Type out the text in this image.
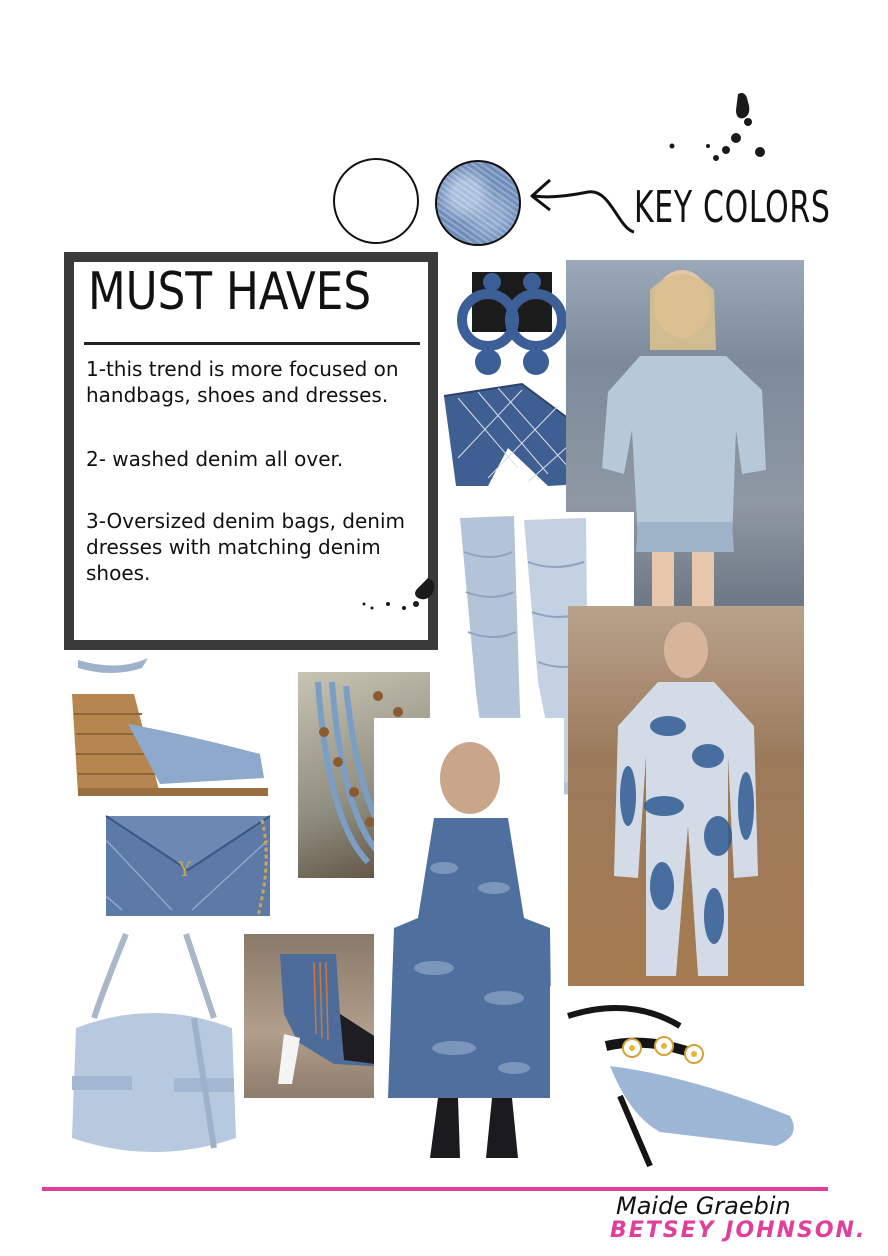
KEY COLORS
MUST HAVES
1-this trend is more focused on handbags, shoes and dresses.
2- washed denim all over.
3-Oversized denim bags, denim dresses with matching denim shoes.
Y
Maide Graebin
BETSEY JOHNSON.
